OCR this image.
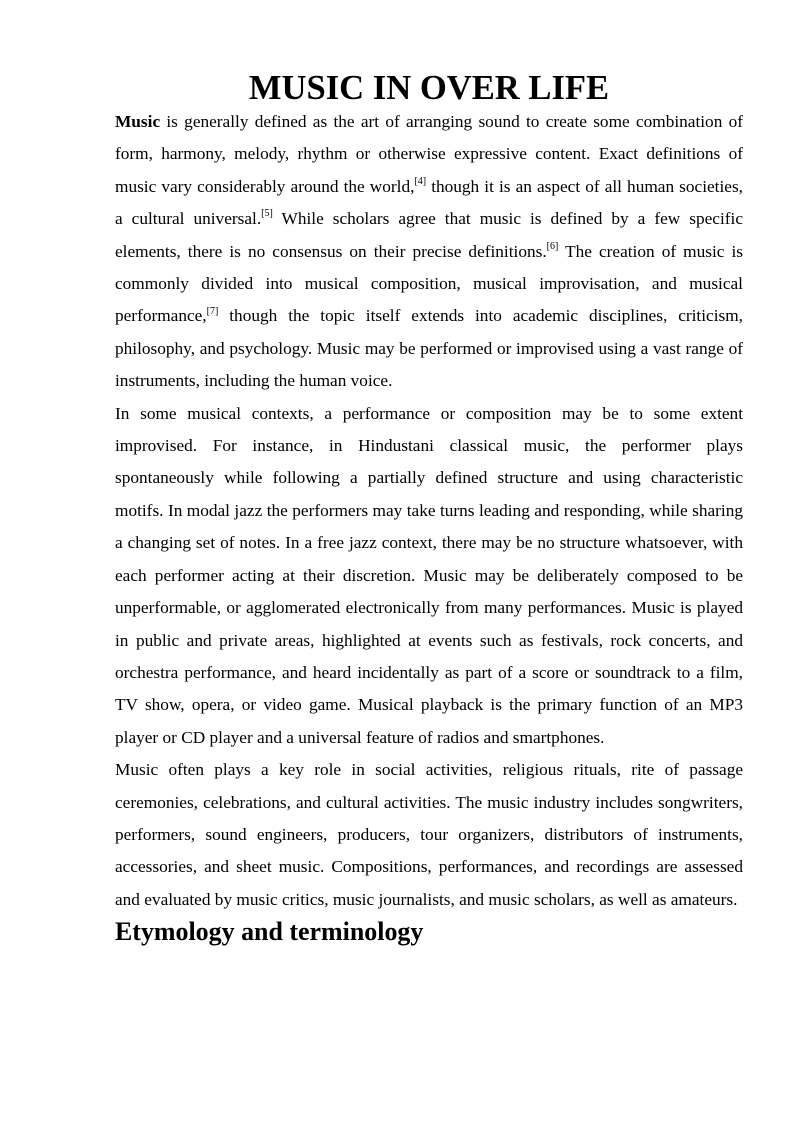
MUSIC IN OVER LIFE

Music is generally defined as the art of arranging sound to create some combination of form, harmony, melody, rhythm or otherwise expressive content. Exact definitions of music vary considerably around the world,[4] though it is an aspect of all human societies, a cultural universal.[5] While scholars agree that music is defined by a few specific elements, there is no consensus on their precise definitions.[6] The creation of music is commonly divided into musical composition, musical improvisation, and musical performance,[7] though the topic itself extends into academic disciplines, criticism, philosophy, and psychology. Music may be performed or improvised using a vast range of instruments, including the human voice.

In some musical contexts, a performance or composition may be to some extent improvised. For instance, in Hindustani classical music, the performer plays spontaneously while following a partially defined structure and using characteristic motifs. In modal jazz the performers may take turns leading and responding, while sharing a changing set of notes. In a free jazz context, there may be no structure whatsoever, with each performer acting at their discretion. Music may be deliberately composed to be unperformable, or agglomerated electronically from many performances. Music is played in public and private areas, highlighted at events such as festivals, rock concerts, and orchestra performance, and heard incidentally as part of a score or soundtrack to a film, TV show, opera, or video game. Musical playback is the primary function of an MP3 player or CD player and a universal feature of radios and smartphones.

Music often plays a key role in social activities, religious rituals, rite of passage ceremonies, celebrations, and cultural activities. The music industry includes songwriters, performers, sound engineers, producers, tour organizers, distributors of instruments, accessories, and sheet music. Compositions, performances, and recordings are assessed and evaluated by music critics, music journalists, and music scholars, as well as amateurs.

Etymology and terminology
